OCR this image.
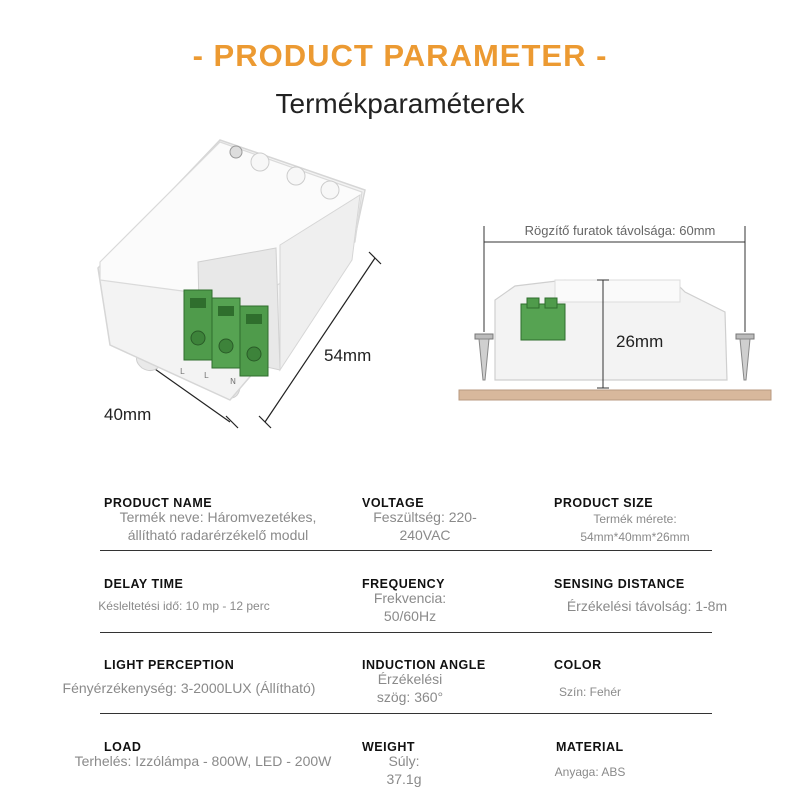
- PRODUCT PARAMETER -
Termékparaméterek
L L
N
40mm
54mm
Rögzítő furatok távolsága: 60mm
26mm
PRODUCT NAME
Termék neve: Háromvezetékes, állítható radarérzékelő modul
VOLTAGE
Feszültség: 220-240VAC
PRODUCT SIZE
Termék mérete: 54mm*40mm*26mm
DELAY TIME
Késleltetési idő: 10 mp - 12 perc
FREQUENCY
Frekvencia: 50/60Hz
SENSING DISTANCE
Érzékelési távolság: 1-8m
LIGHT PERCEPTION
Fényérzékenység: 3-2000LUX (Állítható)
INDUCTION ANGLE
Érzékelési szög: 360°
COLOR
Szín: Fehér
LOAD
Terhelés: Izzólámpa - 800W, LED - 200W
WEIGHT
Súly: 37.1g
MATERIAL
Anyaga: ABS
